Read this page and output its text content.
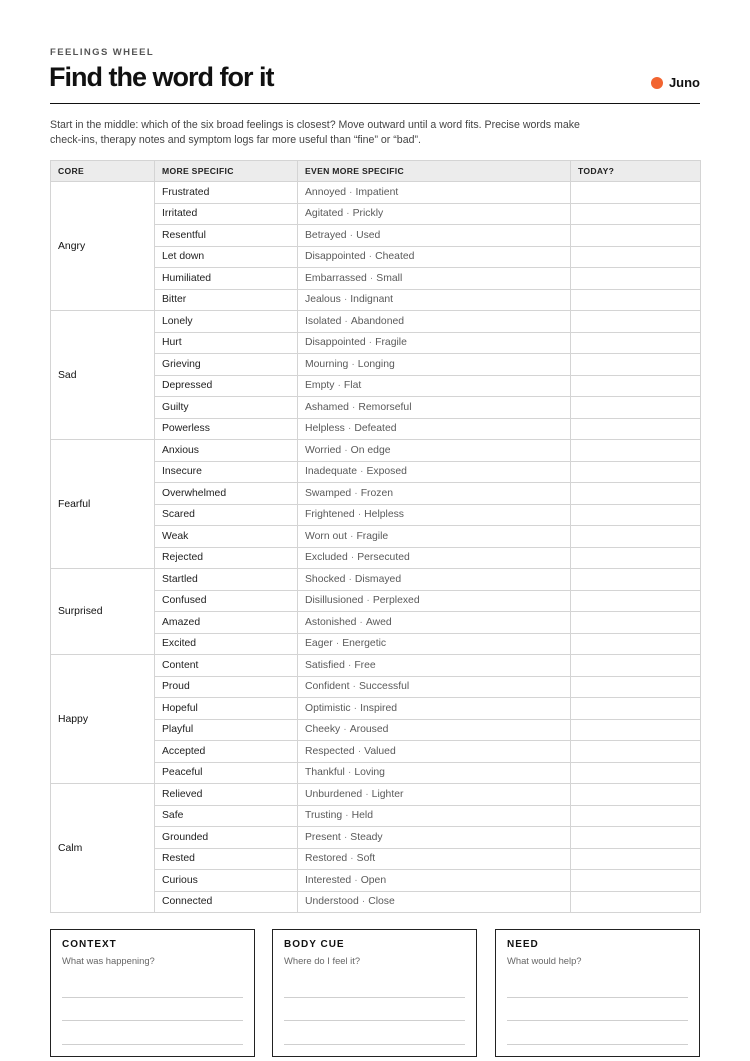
FEELINGS WHEEL
Find the word for it	Juno

Start in the middle: which of the six broad feelings is closest? Move outward until a word fits. Precise words make check-ins, therapy notes and symptom logs far more useful than “fine” or “bad”.

CORE	MORE SPECIFIC	EVEN MORE SPECIFIC	TODAY?
Angry	Frustrated	Annoyed · Impatient	
	Irritated	Agitated · Prickly	
	Resentful	Betrayed · Used	
	Let down	Disappointed · Cheated	
	Humiliated	Embarrassed · Small	
	Bitter	Jealous · Indignant	
Sad	Lonely	Isolated · Abandoned	
	Hurt	Disappointed · Fragile	
	Grieving	Mourning · Longing	
	Depressed	Empty · Flat	
	Guilty	Ashamed · Remorseful	
	Powerless	Helpless · Defeated	
Fearful	Anxious	Worried · On edge	
	Insecure	Inadequate · Exposed	
	Overwhelmed	Swamped · Frozen	
	Scared	Frightened · Helpless	
	Weak	Worn out · Fragile	
	Rejected	Excluded · Persecuted	
Surprised	Startled	Shocked · Dismayed	
	Confused	Disillusioned · Perplexed	
	Amazed	Astonished · Awed	
	Excited	Eager · Energetic	
Happy	Content	Satisfied · Free	
	Proud	Confident · Successful	
	Hopeful	Optimistic · Inspired	
	Playful	Cheeky · Aroused	
	Accepted	Respected · Valued	
	Peaceful	Thankful · Loving	
Calm	Relieved	Unburdened · Lighter	
	Safe	Trusting · Held	
	Grounded	Present · Steady	
	Rested	Restored · Soft	
	Curious	Interested · Open	
	Connected	Understood · Close	
CONTEXT
What was happening?
BODY CUE
Where do I feel it?
NEED
What would help?
